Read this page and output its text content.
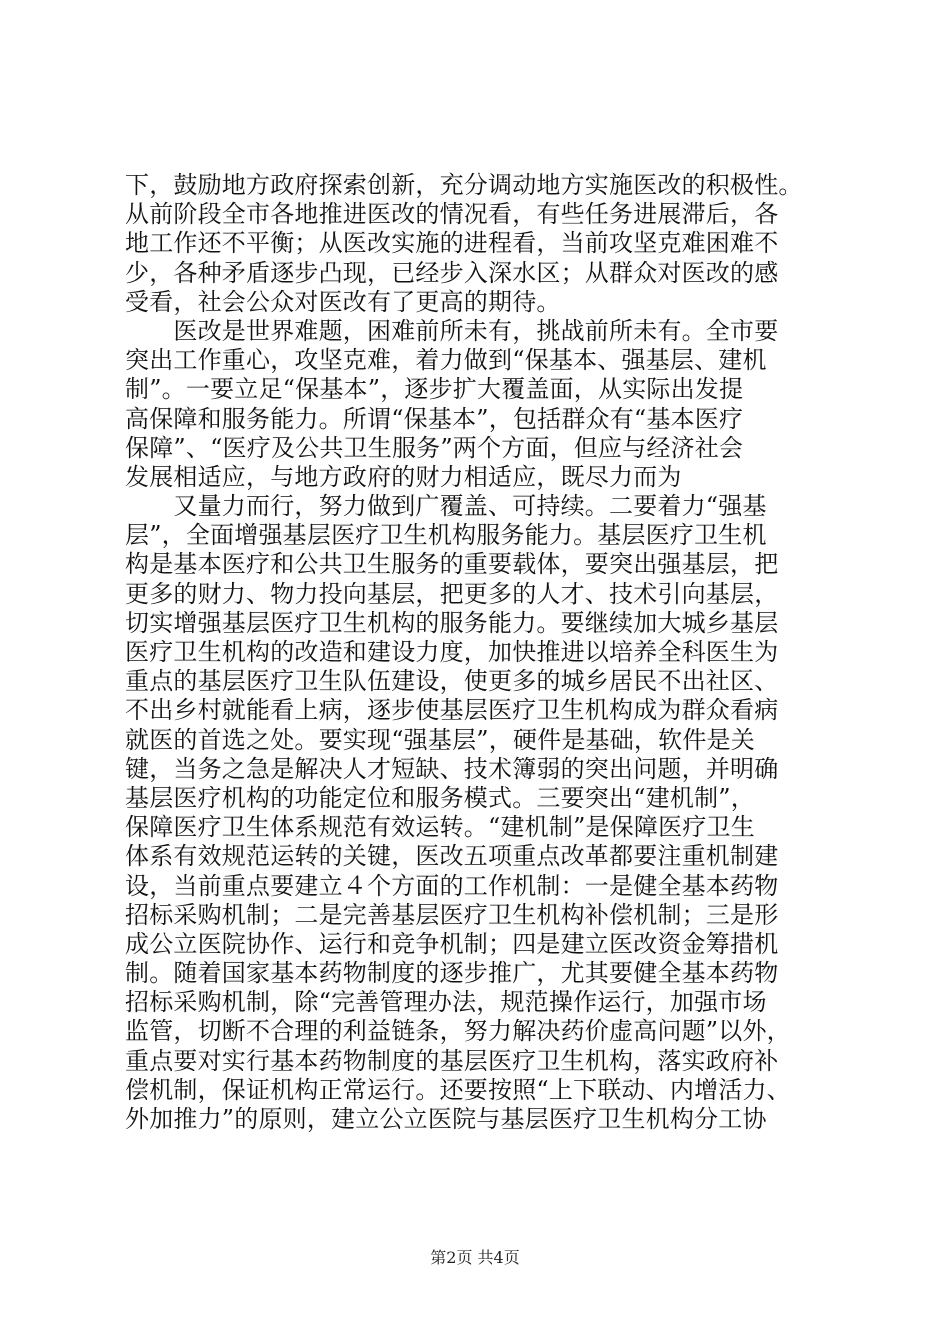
下，鼓励地方政府探索创新，充分调动地方实施医改的积极性。
从前阶段全市各地推进医改的情况看，有些任务进展滞后，各
地工作还不平衡；从医改实施的进程看，当前攻坚克难困难不
少，各种矛盾逐步凸现，已经步入深水区；从群众对医改的感
受看，社会公众对医改有了更高的期待。
　　医改是世界难题，困难前所未有，挑战前所未有。全市要
突出工作重心，攻坚克难，着力做到“保基本、强基层、建机
制”。一要立足“保基本”，逐步扩大覆盖面，从实际出发提
高保障和服务能力。所谓“保基本”，包括群众有“基本医疗
保障”、“医疗及公共卫生服务”两个方面，但应与经济社会
发展相适应，与地方政府的财力相适应，既尽力而为
　　又量力而行，努力做到广覆盖、可持续。二要着力“强基
层”，全面增强基层医疗卫生机构服务能力。基层医疗卫生机
构是基本医疗和公共卫生服务的重要载体，要突出强基层，把
更多的财力、物力投向基层，把更多的人才、技术引向基层，
切实增强基层医疗卫生机构的服务能力。要继续加大城乡基层
医疗卫生机构的改造和建设力度，加快推进以培养全科医生为
重点的基层医疗卫生队伍建设，使更多的城乡居民不出社区、
不出乡村就能看上病，逐步使基层医疗卫生机构成为群众看病
就医的首选之处。要实现“强基层”，硬件是基础，软件是关
键，当务之急是解决人才短缺、技术簿弱的突出问题，并明确
基层医疗机构的功能定位和服务模式。三要突出“建机制”，
保障医疗卫生体系规范有效运转。“建机制”是保障医疗卫生
体系有效规范运转的关键，医改五项重点改革都要注重机制建
设，当前重点要建立４个方面的工作机制：一是健全基本药物
招标采购机制；二是完善基层医疗卫生机构补偿机制；三是形
成公立医院协作、运行和竞争机制；四是建立医改资金筹措机
制。随着国家基本药物制度的逐步推广，尤其要健全基本药物
招标采购机制，除“完善管理办法，规范操作运行，加强市场
监管，切断不合理的利益链条，努力解决药价虚高问题”以外，
重点要对实行基本药物制度的基层医疗卫生机构，落实政府补
偿机制，保证机构正常运行。还要按照“上下联动、内增活力、
外加推力”的原则，建立公立医院与基层医疗卫生机构分工协
第2页 共4页
